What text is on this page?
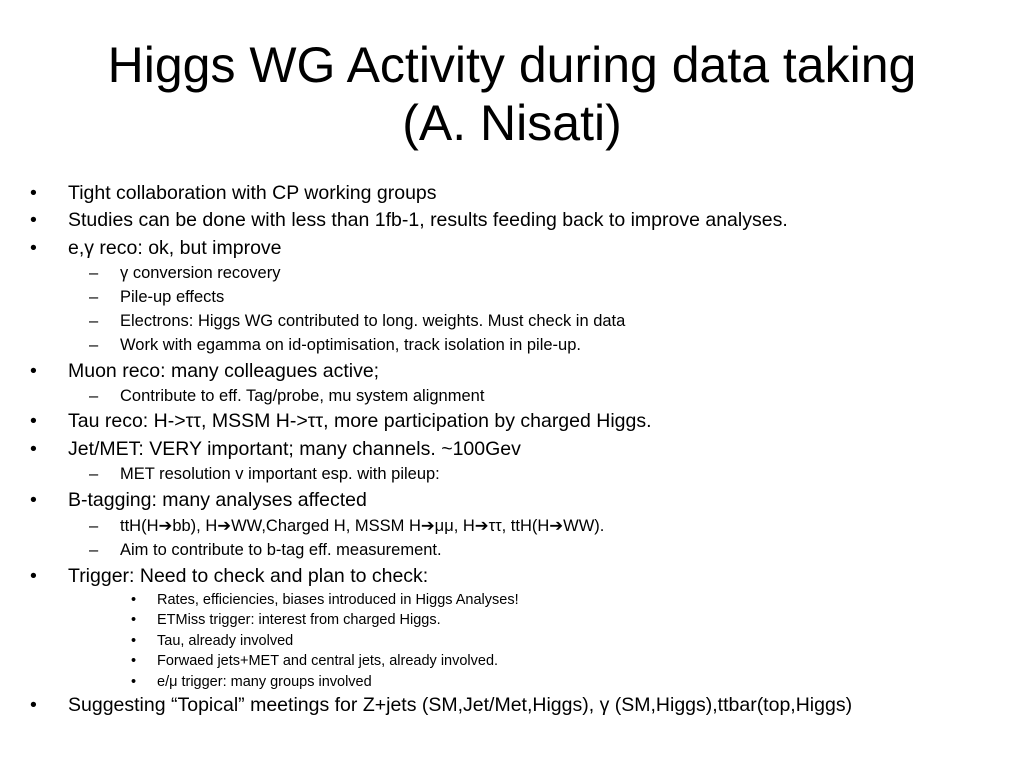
Higgs WG Activity during data taking
(A. Nisati)
• Tight collaboration with CP working groups
• Studies can be done with less than 1fb-1, results feeding back to improve analyses.
• e,γ reco: ok, but improve
– γ conversion recovery
– Pile-up effects
– Electrons: Higgs WG contributed to long. weights. Must check in data
– Work with egamma on id-optimisation, track isolation in pile-up.
• Muon reco: many colleagues active;
– Contribute to eff. Tag/probe, mu system alignment
• Tau reco: H->ττ, MSSM H->ττ, more participation by charged Higgs.
• Jet/MET: VERY important; many channels. ~100Gev
– MET resolution v important esp. with pileup:
• B-tagging: many analyses affected
– ttH(H➔bb), H➔WW,Charged H, MSSM H➔μμ, H➔ττ, ttH(H➔WW).
– Aim to contribute to b-tag eff. measurement.
• Trigger: Need to check and plan to check:
• Rates, efficiencies, biases introduced in Higgs Analyses!
• ETMiss trigger: interest from charged Higgs.
• Tau, already involved
• Forwaed jets+MET and central jets, already involved.
• e/μ trigger: many groups involved
• Suggesting “Topical” meetings for Z+jets (SM,Jet/Met,Higgs), γ (SM,Higgs),ttbar(top,Higgs)
